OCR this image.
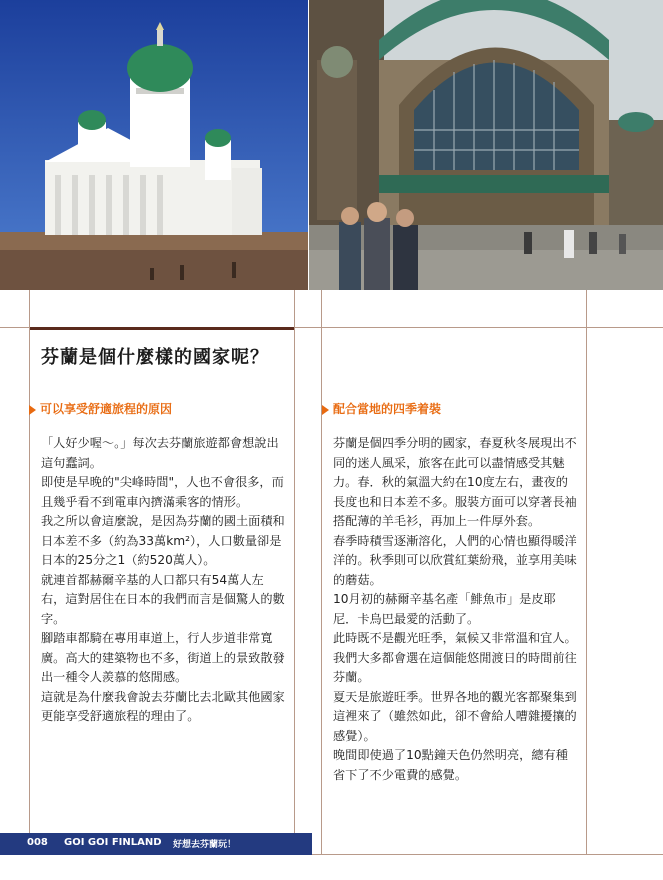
芬蘭是個什麼樣的國家呢？
可以享受舒適旅程的原因	配合當地的四季着裝

「人好少喔～。」每次去芬蘭旅遊都會想說出這句蠢詞。

即使是早晚的"尖峰時間"，人也不會很多，而且幾乎看不到電車內擠滿乘客的情形。

我之所以會這麼說，是因為芬蘭的國土面積和日本差不多（約為33萬km²），人口數量卻是日本的25分之1（約520萬人）。

就連首都赫爾辛基的人口都只有54萬人左右，這對居住在日本的我們而言是個驚人的數字。

腳踏車都騎在專用車道上，行人步道非常寬廣。高大的建築物也不多，街道上的景致散發出一種令人羨慕的悠閒感。

這就是為什麼我會說去芬蘭比去北歐其他國家更能享受舒適旅程的理由了。

芬蘭是個四季分明的國家，春夏秋冬展現出不同的迷人風采，旅客在此可以盡情感受其魅力。春．秋的氣溫大約在10度左右，畫夜的長度也和日本差不多。服裝方面可以穿著長袖搭配薄的羊毛衫，再加上一件厚外套。

春季時積雪逐漸溶化，人們的心情也顯得暖洋洋的。秋季則可以欣賞紅葉紛飛，並享用美味的蘑菇。

10月初的赫爾辛基名產「鯡魚市」是皮耶尼．卡烏巴最愛的活動了。

此時既不是觀光旺季，氣候又非常溫和宜人。我們大多都會選在這個能悠閒渡日的時間前往芬蘭。

夏天是旅遊旺季。世界各地的觀光客都聚集到這裡來了（雖然如此，卻不會給人嘈雜擾攘的感覺）。

晚間即使過了10點鐘天色仍然明亮，總有種省下了不少電費的感覺。

008 GOI GOI FINLAND 好想去芬蘭玩！
